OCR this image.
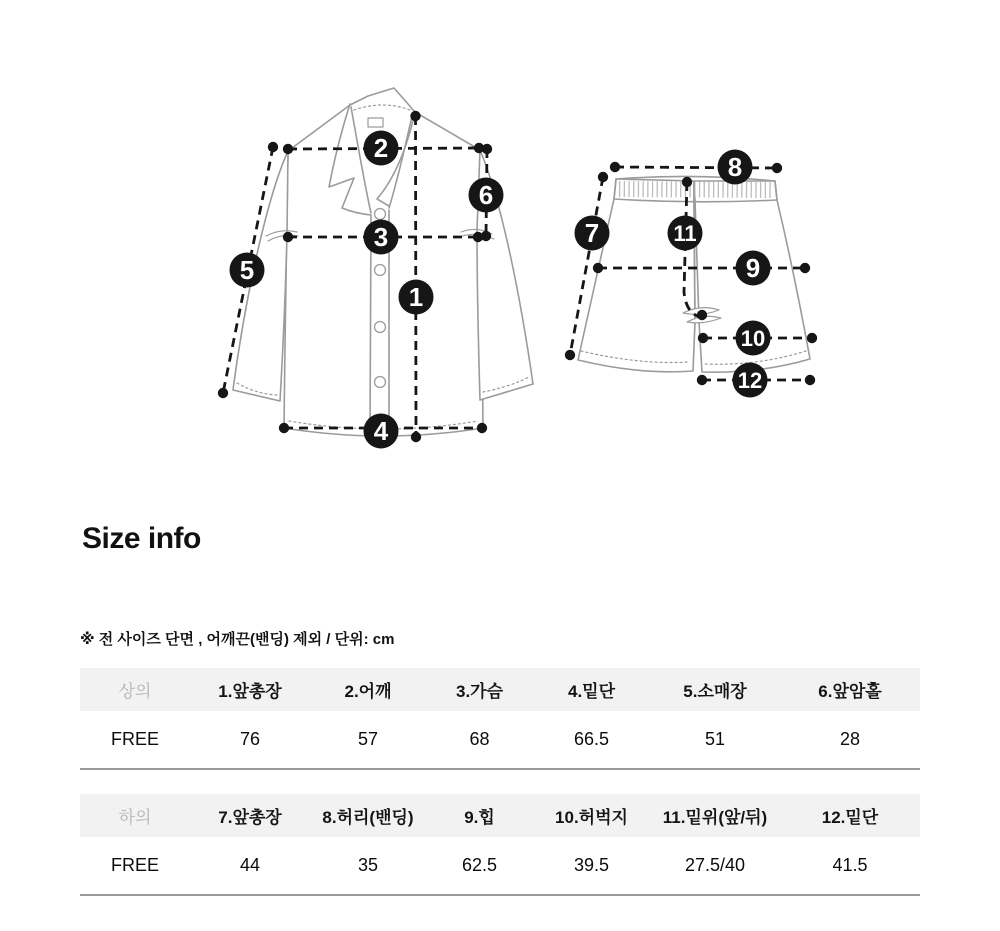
1
2
3
4
5
6
7
8
9
10
11
12
Size info
※ 전 사이즈 단면 , 어깨끈(밴딩) 제외 / 단위: cm
상의	1.앞총장	2.어깨	3.가슴	4.밑단	5.소매장	6.앞암홀
FREE	76	57	68	66.5	51	28
하의	7.앞총장	8.허리(밴딩)	9.힙	10.허벅지	11.밑위(앞/뒤)	12.밑단
FREE	44	35	62.5	39.5	27.5/40	41.5
